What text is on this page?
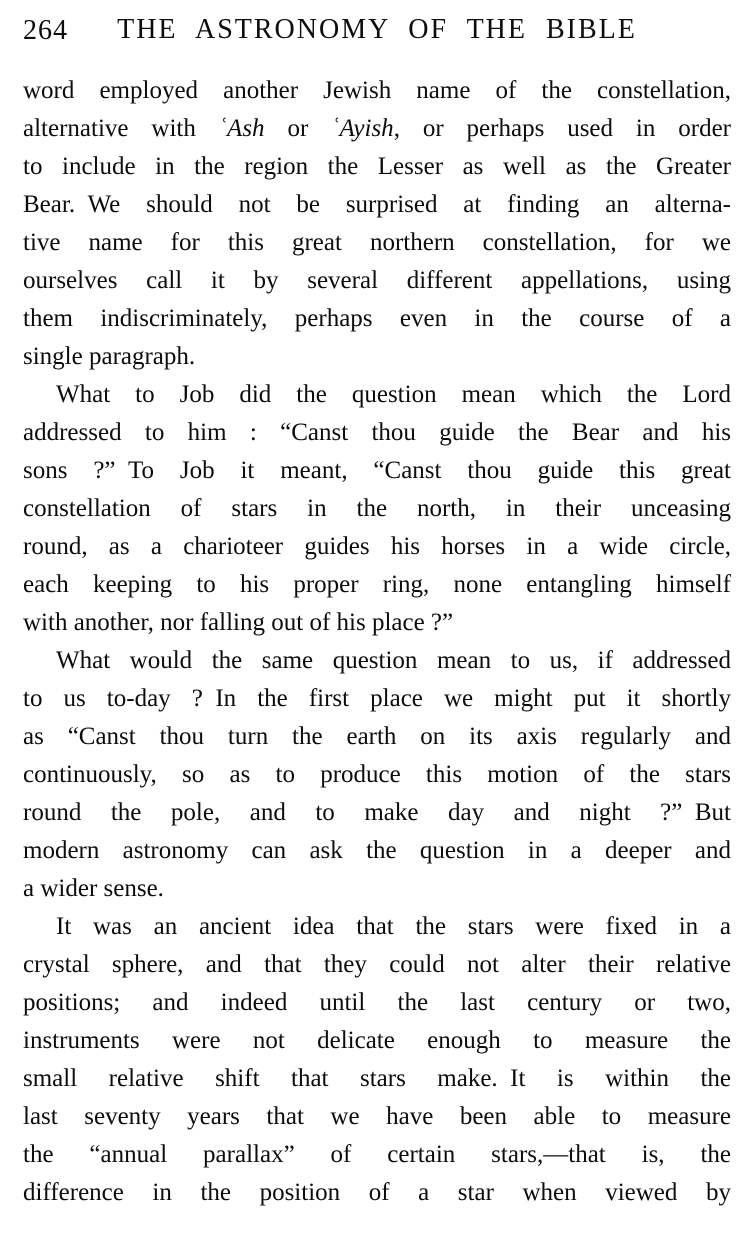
264	THE ASTRONOMY OF THE BIBLE
word employed another Jewish name of the constellation,
alternative with ʿAsh or ʿAyish, or perhaps used in order
to include in the region the Lesser as well as the Greater
Bear. We should not be surprised at finding an alterna-
tive name for this great northern constellation, for we
ourselves call it by several different appellations, using
them indiscriminately, perhaps even in the course of a
single paragraph.
What to Job did the question mean which the Lord
addressed to him : “Canst thou guide the Bear and his
sons ?” To Job it meant, “Canst thou guide this great
constellation of stars in the north, in their unceasing
round, as a charioteer guides his horses in a wide circle,
each keeping to his proper ring, none entangling himself
with another, nor falling out of his place ?”
What would the same question mean to us, if addressed
to us to-day ? In the first place we might put it shortly
as “Canst thou turn the earth on its axis regularly and
continuously, so as to produce this motion of the stars
round the pole, and to make day and night ?” But
modern astronomy can ask the question in a deeper and
a wider sense.
It was an ancient idea that the stars were fixed in a
crystal sphere, and that they could not alter their relative
positions; and indeed until the last century or two,
instruments were not delicate enough to measure the
small relative shift that stars make. It is within the
last seventy years that we have been able to measure
the “annual parallax” of certain stars,—that is, the
difference in the position of a star when viewed by
